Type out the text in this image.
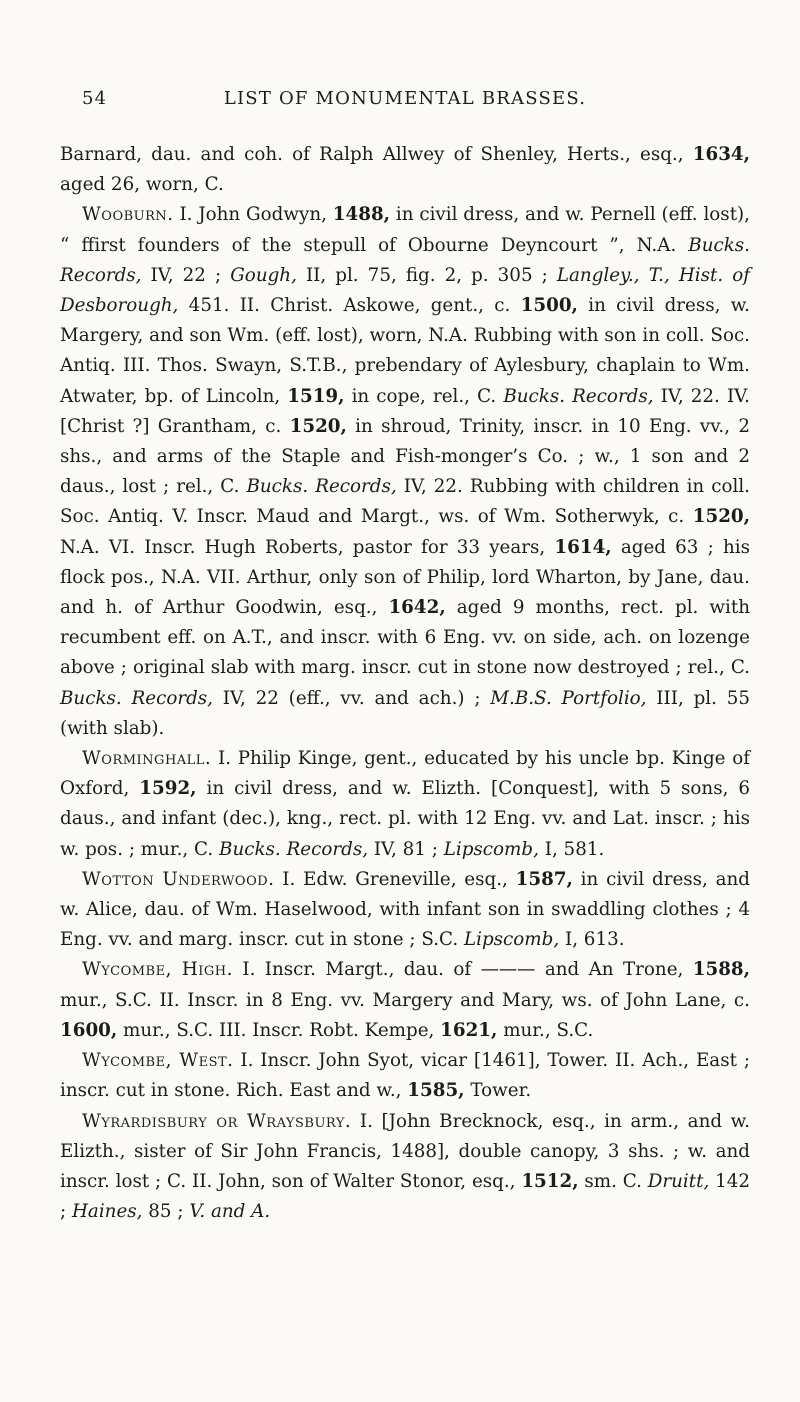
54	LIST OF MONUMENTAL BRASSES.

Barnard, dau. and coh. of Ralph Allwey of Shenley, Herts., esq., 1634, aged 26, worn, C.

Wooburn. I. John Godwyn, 1488, in civil dress, and w. Pernell (eff. lost), “ ffirst founders of the stepull of Obourne Deyncourt ”, N.A. Bucks. Records, IV, 22 ; Gough, II, pl. 75, fig. 2, p. 305 ; Langley., T., Hist. of Desborough, 451. II. Christ. Askowe, gent., c. 1500, in civil dress, w. Margery, and son Wm. (eff. lost), worn, N.A. Rubbing with son in coll. Soc. Antiq. III. Thos. Swayn, S.T.B., prebendary of Aylesbury, chaplain to Wm. Atwater, bp. of Lincoln, 1519, in cope, rel., C. Bucks. Records, IV, 22. IV. [Christ ?] Grantham, c. 1520, in shroud, Trinity, inscr. in 10 Eng. vv., 2 shs., and arms of the Staple and Fish-monger’s Co. ; w., 1 son and 2 daus., lost ; rel., C. Bucks. Records, IV, 22. Rubbing with children in coll. Soc. Antiq. V. Inscr. Maud and Margt., ws. of Wm. Sotherwyk, c. 1520, N.A. VI. Inscr. Hugh Roberts, pastor for 33 years, 1614, aged 63 ; his flock pos., N.A. VII. Arthur, only son of Philip, lord Wharton, by Jane, dau. and h. of Arthur Goodwin, esq., 1642, aged 9 months, rect. pl. with recumbent eff. on A.T., and inscr. with 6 Eng. vv. on side, ach. on lozenge above ; original slab with marg. inscr. cut in stone now destroyed ; rel., C. Bucks. Records, IV, 22 (eff., vv. and ach.) ; M.B.S. Portfolio, III, pl. 55 (with slab).

Worminghall. I. Philip Kinge, gent., educated by his uncle bp. Kinge of Oxford, 1592, in civil dress, and w. Elizth. [Conquest], with 5 sons, 6 daus., and infant (dec.), kng., rect. pl. with 12 Eng. vv. and Lat. inscr. ; his w. pos. ; mur., C. Bucks. Records, IV, 81 ; Lipscomb, I, 581.

Wotton Underwood. I. Edw. Greneville, esq., 1587, in civil dress, and w. Alice, dau. of Wm. Haselwood, with infant son in swaddling clothes ; 4 Eng. vv. and marg. inscr. cut in stone ; S.C. Lipscomb, I, 613.

Wycombe, High. I. Inscr. Margt., dau. of ——— and An Trone, 1588, mur., S.C. II. Inscr. in 8 Eng. vv. Margery and Mary, ws. of John Lane, c. 1600, mur., S.C. III. Inscr. Robt. Kempe, 1621, mur., S.C.

Wycombe, West. I. Inscr. John Syot, vicar [1461], Tower. II. Ach., East ; inscr. cut in stone. Rich. East and w., 1585, Tower.

Wyrardisbury or Wraysbury. I. [John Brecknock, esq., in arm., and w. Elizth., sister of Sir John Francis, 1488], double canopy, 3 shs. ; w. and inscr. lost ; C. II. John, son of Walter Stonor, esq., 1512, sm. C. Druitt, 142 ; Haines, 85 ; V. and A.
